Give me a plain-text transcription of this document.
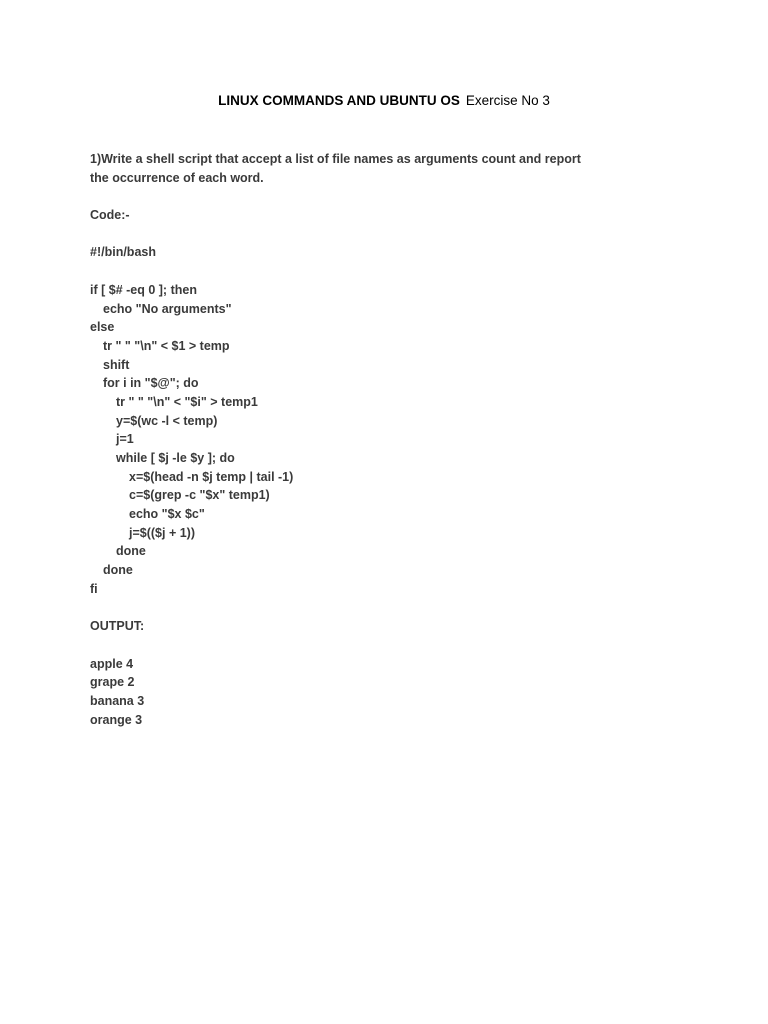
LINUX COMMANDS AND UBUNTU OS Exercise No 3
1)Write a shell script that accept a list of file names as arguments count and report
the occurrence of each word.
Code:-
#!/bin/bash
if [ $# -eq 0 ]; then
echo "No arguments"
else
tr " " "\n" < $1 > temp
shift
for i in "$@"; do
tr " " "\n" < "$i" > temp1
y=$(wc -l < temp)
j=1
while [ $j -le $y ]; do
x=$(head -n $j temp | tail -1)
c=$(grep -c "$x" temp1)
echo "$x $c"
j=$(($j + 1))
done
done
fi
OUTPUT:
apple 4
grape 2
banana 3
orange 3
